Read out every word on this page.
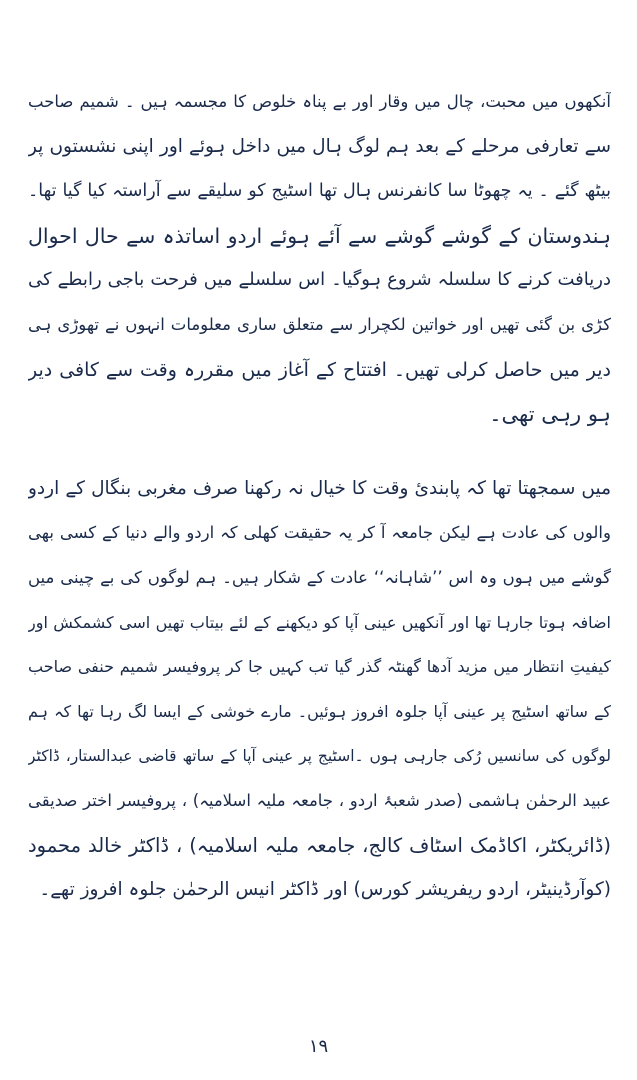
آنکھوں میں محبت، چال میں وقار اور بے پناہ خلوص کا مجسمہ ہیں ۔ شمیم صاحب
سے تعارفی مرحلے کے بعد ہم لوگ ہال میں داخل ہوئے اور اپنی نشستوں پر
بیٹھ گئے ۔ یہ چھوٹا سا کانفرنس ہال تھا اسٹیج کو سلیقے سے آراستہ کیا گیا تھا۔
ہندوستان کے گوشے گوشے سے آئے ہوئے اردو اساتذہ سے حال احوال
دریافت کرنے کا سلسلہ شروع ہوگیا۔ اس سلسلے میں فرحت باجی رابطے کی
کڑی بن گئی تھیں اور خواتین لکچرار سے متعلق ساری معلومات انہوں نے تھوڑی ہی
دیر میں حاصل کرلی تھیں۔ افتتاح کے آغاز میں مقررہ وقت سے کافی دیر
ہو رہی تھی۔
میں سمجھتا تھا کہ پابندیٔ وقت کا خیال نہ رکھنا صرف مغربی بنگال کے اردو
والوں کی عادت ہے لیکن جامعہ آ کر یہ حقیقت کھلی کہ اردو والے دنیا کے کسی بھی
گوشے میں ہوں وہ اس ’’شاہانہ‘‘ عادت کے شکار ہیں۔ ہم لوگوں کی بے چینی میں
اضافہ ہوتا جارہا تھا اور آنکھیں عینی آپا کو دیکھنے کے لئے بیتاب تھیں اسی کشمکش اور
کیفیتِ انتظار میں مزید آدھا گھنٹہ گذر گیا تب کہیں جا کر پروفیسر شمیم حنفی صاحب
کے ساتھ اسٹیج پر عینی آپا جلوہ افروز ہوئیں۔ مارے خوشی کے ایسا لگ رہا تھا کہ ہم
لوگوں کی سانسیں رُکی جارہی ہوں ۔اسٹیج پر عینی آپا کے ساتھ قاضی عبدالستار، ڈاکٹر
عبید الرحمٰن ہاشمی (صدر شعبۂ اردو ، جامعہ ملیہ اسلامیہ) ، پروفیسر اختر صدیقی
(ڈائریکٹر، اکاڈمک اسٹاف کالج، جامعہ ملیہ اسلامیہ) ، ڈاکٹر خالد محمود
(کوآرڈینیٹر، اردو ریفریشر کورس) اور ڈاکٹر انیس الرحمٰن جلوہ افروز تھے۔
۱۹
